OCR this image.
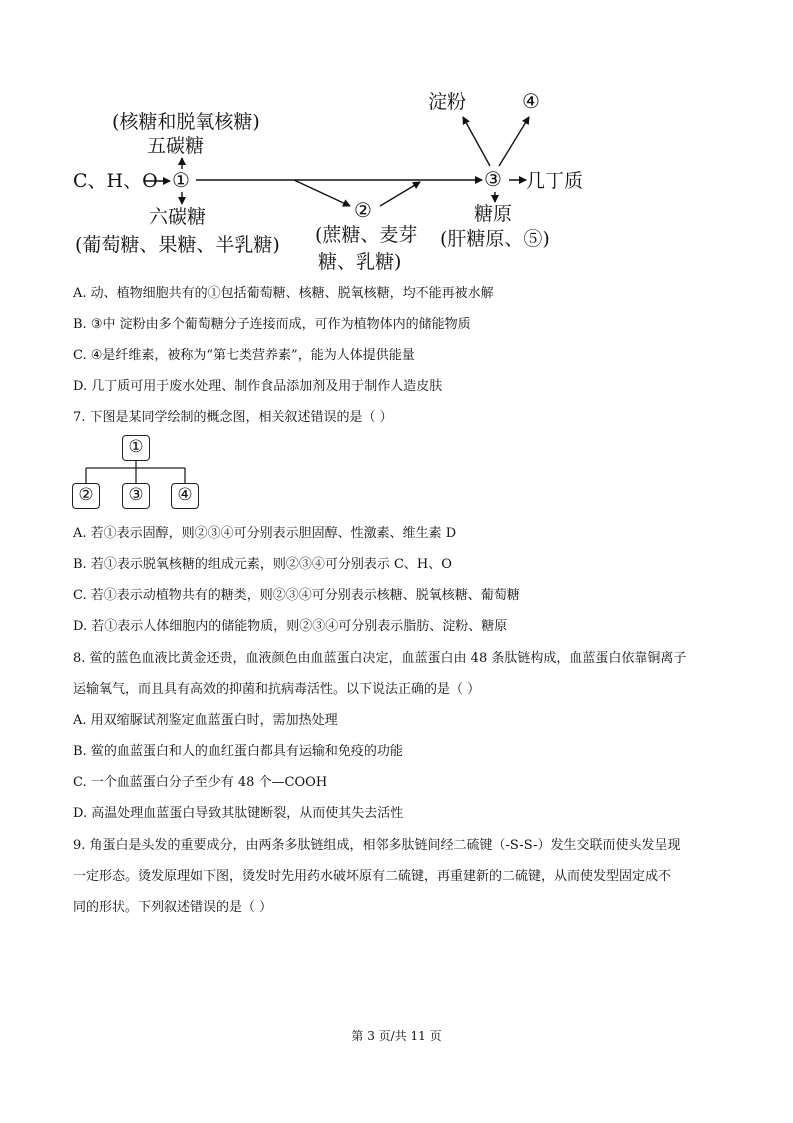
C、H、O ①
(核糖和脱氧核糖)
五碳糖
六碳糖
(葡萄糖、果糖、半乳糖)
②
(蔗糖、麦芽
糖、乳糖)
③ 几丁质
淀粉	④
糖原
(肝糖原、⑤)
A. 动、植物细胞共有的①包括葡萄糖、核糖、脱氧核糖，均不能再被水解
B. ③中 淀粉由多个葡萄糖分子连接而成，可作为植物体内的储能物质
C. ④是纤维素，被称为“第七类营养素”，能为人体提供能量
D. 几丁质可用于废水处理、制作食品添加剂及用于制作人造皮肤
7. 下图是某同学绘制的概念图，相关叙述错误的是（ ）
①
②	③	④
A. 若①表示固醇，则②③④可分别表示胆固醇、性激素、维生素 D
B. 若①表示脱氧核糖的组成元素，则②③④可分别表示 C、H、O
C. 若①表示动植物共有的糖类，则②③④可分别表示核糖、脱氧核糖、葡萄糖
D. 若①表示人体细胞内的储能物质，则②③④可分别表示脂肪、淀粉、糖原
8. 鲎的蓝色血液比黄金还贵，血液颜色由血蓝蛋白决定，血蓝蛋白由 48 条肽链构成，血蓝蛋白依靠铜离子
运输氧气，而且具有高效的抑菌和抗病毒活性。以下说法正确的是（ ）
A. 用双缩脲试剂鉴定血蓝蛋白时，需加热处理
B. 鲎的血蓝蛋白和人的血红蛋白都具有运输和免疫的功能
C. 一个血蓝蛋白分子至少有 48 个—COOH
D. 高温处理血蓝蛋白导致其肽键断裂，从而使其失去活性
9. 角蛋白是头发的重要成分，由两条多肽链组成，相邻多肽链间经二硫键（-S-S-）发生交联而使头发呈现
一定形态。烫发原理如下图，烫发时先用药水破坏原有二硫键，再重建新的二硫键，从而使发型固定成不
同的形状。下列叙述错误的是（ ）
第 3 页/共 11 页
